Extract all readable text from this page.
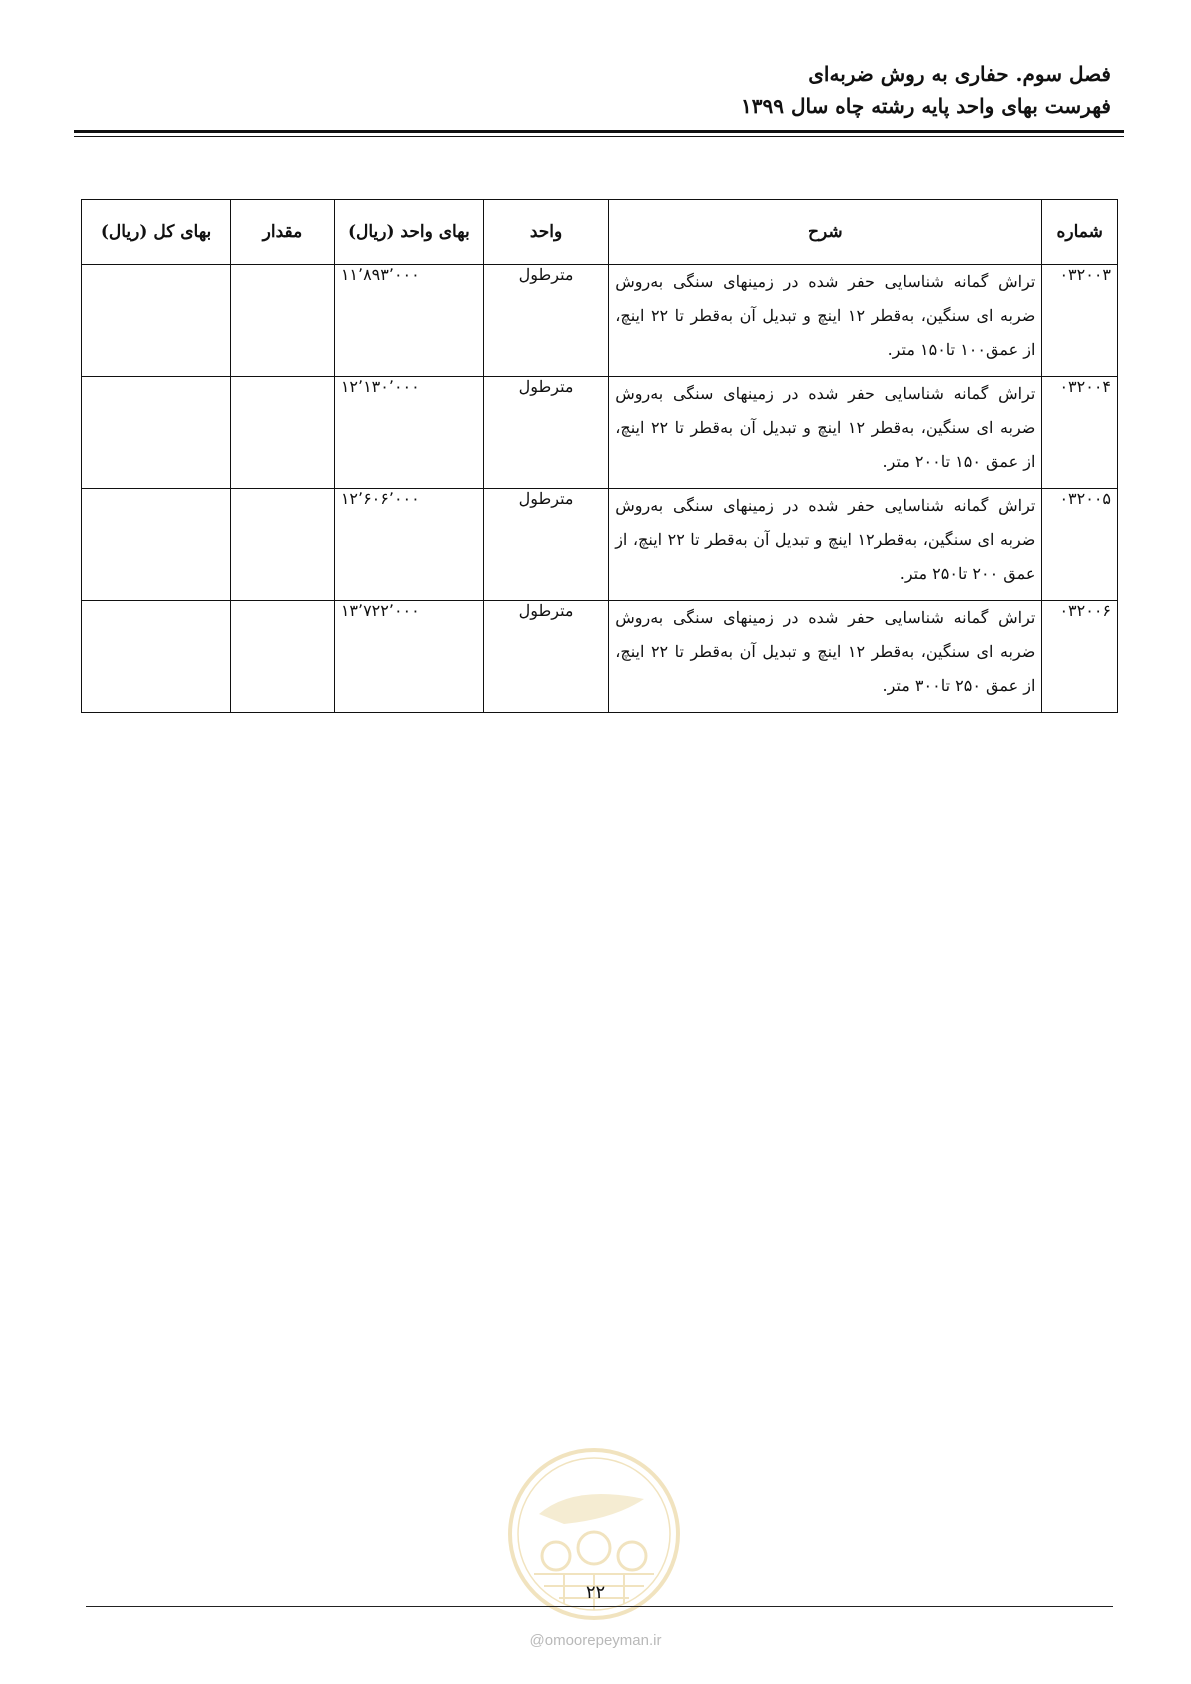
فصل سوم. حفاری به روش ضربه‌ای
فهرست بهای واحد پایه رشته چاه سال ۱۳۹۹
شماره	شرح	واحد	بهای واحد (ریال)	مقدار	بهای کل (ریال)
۰۳۲۰۰۳	تراش گمانه شناسایی حفر شده در زمینهای سنگی به‌روش ضربه ای سنگین، به‌قطر ۱۲ اینچ و تبدیل آن به‌قطر تا ۲۲ اینچ، از عمق۱۰۰ تا۱۵۰ متر.	مترطول	۱۱٬۸۹۳٬۰۰۰		
۰۳۲۰۰۴	تراش گمانه شناسایی حفر شده در زمینهای سنگی به‌روش ضربه ای سنگین، به‌قطر ۱۲ اینچ و تبدیل آن به‌قطر تا ۲۲ اینچ، از عمق ۱۵۰ تا۲۰۰ متر.	مترطول	۱۲٬۱۳۰٬۰۰۰		
۰۳۲۰۰۵	تراش گمانه شناسایی حفر شده در زمینهای سنگی به‌روش ضربه ای سنگین، به‌قطر۱۲ اینچ و تبدیل آن به‌قطر تا ۲۲ اینچ، از عمق ۲۰۰ تا۲۵۰ متر.	مترطول	۱۲٬۶۰۶٬۰۰۰		
۰۳۲۰۰۶	تراش گمانه شناسایی حفر شده در زمینهای سنگی به‌روش ضربه ای سنگین، به‌قطر ۱۲ اینچ و تبدیل آن به‌قطر تا ۲۲ اینچ، از عمق ۲۵۰ تا۳۰۰ متر.	مترطول	۱۳٬۷۲۲٬۰۰۰		
۲۲
@omoorepeyman.ir
